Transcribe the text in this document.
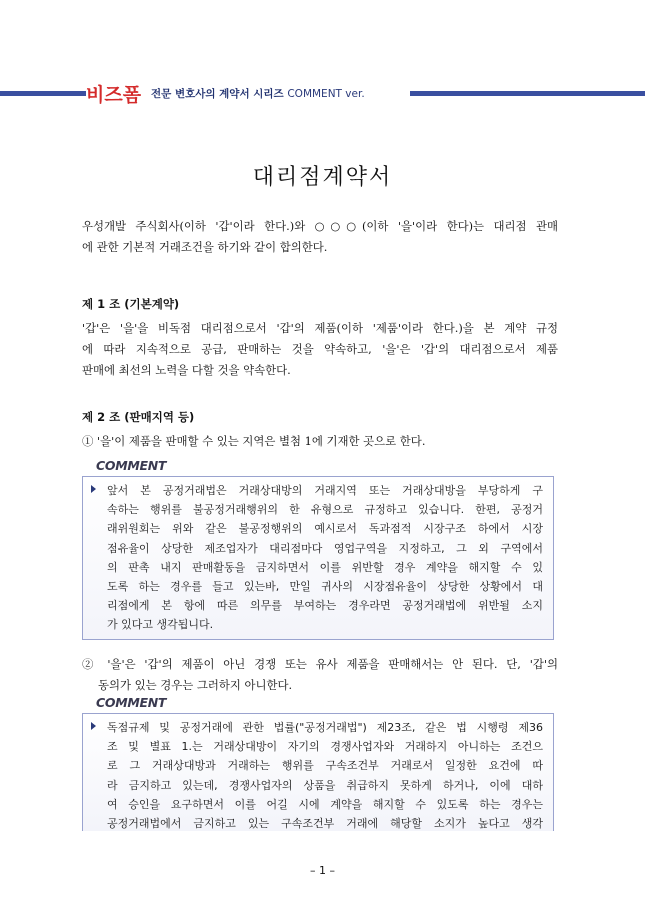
비즈폼 전문 변호사의 계약서 시리즈 COMMENT ver.
대리점계약서
우성개발 주식회사(이하 '갑'이라 한다.)와 ○○○(이하 '을'이라 한다)는 대리점 관매
에 관한 기본적 거래조건을 하기와 같이 합의한다.
제 1 조 (기본계약)
'갑'은 '을'을 비독점 대리점으로서 '갑'의 제품(이하 '제품'이라 한다.)을 본 계약 규정
에 따라 지속적으로 공급, 판매하는 것을 약속하고, '을'은 '갑'의 대리점으로서 제품
판매에 최선의 노력을 다할 것을 약속한다.
제 2 조 (판매지역 등)
① '을'이 제품을 판매할 수 있는 지역은 별첨 1에 기재한 곳으로 한다.
COMMENT
앞서 본 공정거래법은 거래상대방의 거래지역 또는 거래상대방을 부당하게 구
속하는 행위를 불공정거래행위의 한 유형으로 규정하고 있습니다. 한편, 공정거
래위원회는 위와 같은 불공정행위의 예시로서 독과점적 시장구조 하에서 시장
점유율이 상당한 제조업자가 대리점마다 영업구역을 지정하고, 그 외 구역에서
의 판촉 내지 판매활동을 금지하면서 이를 위반할 경우 계약을 해지할 수 있
도록 하는 경우를 들고 있는바, 만일 귀사의 시장점유율이 상당한 상황에서 대
리점에게 본 항에 따른 의무를 부여하는 경우라면 공정거래법에 위반될 소지
가 있다고 생각됩니다.
② '을'은 '갑'의 제품이 아닌 경쟁 또는 유사 제품을 판매해서는 안 된다. 단, '갑'의
동의가 있는 경우는 그러하지 아니한다.
COMMENT
독점규제 및 공정거래에 관한 법률("공정거래법") 제23조, 같은 법 시행령 제36
조 및 별표 1.는 거래상대방이 자기의 경쟁사업자와 거래하지 아니하는 조건으
로 그 거래상대방과 거래하는 행위를 구속조건부 거래로서 일정한 요건에 따
라 금지하고 있는데, 경쟁사업자의 상품을 취급하지 못하게 하거나, 이에 대하
여 승인을 요구하면서 이를 어길 시에 계약을 해지할 수 있도록 하는 경우는
공정거래법에서 금지하고 있는 구속조건부 거래에 해당할 소지가 높다고 생각
– 1 –
